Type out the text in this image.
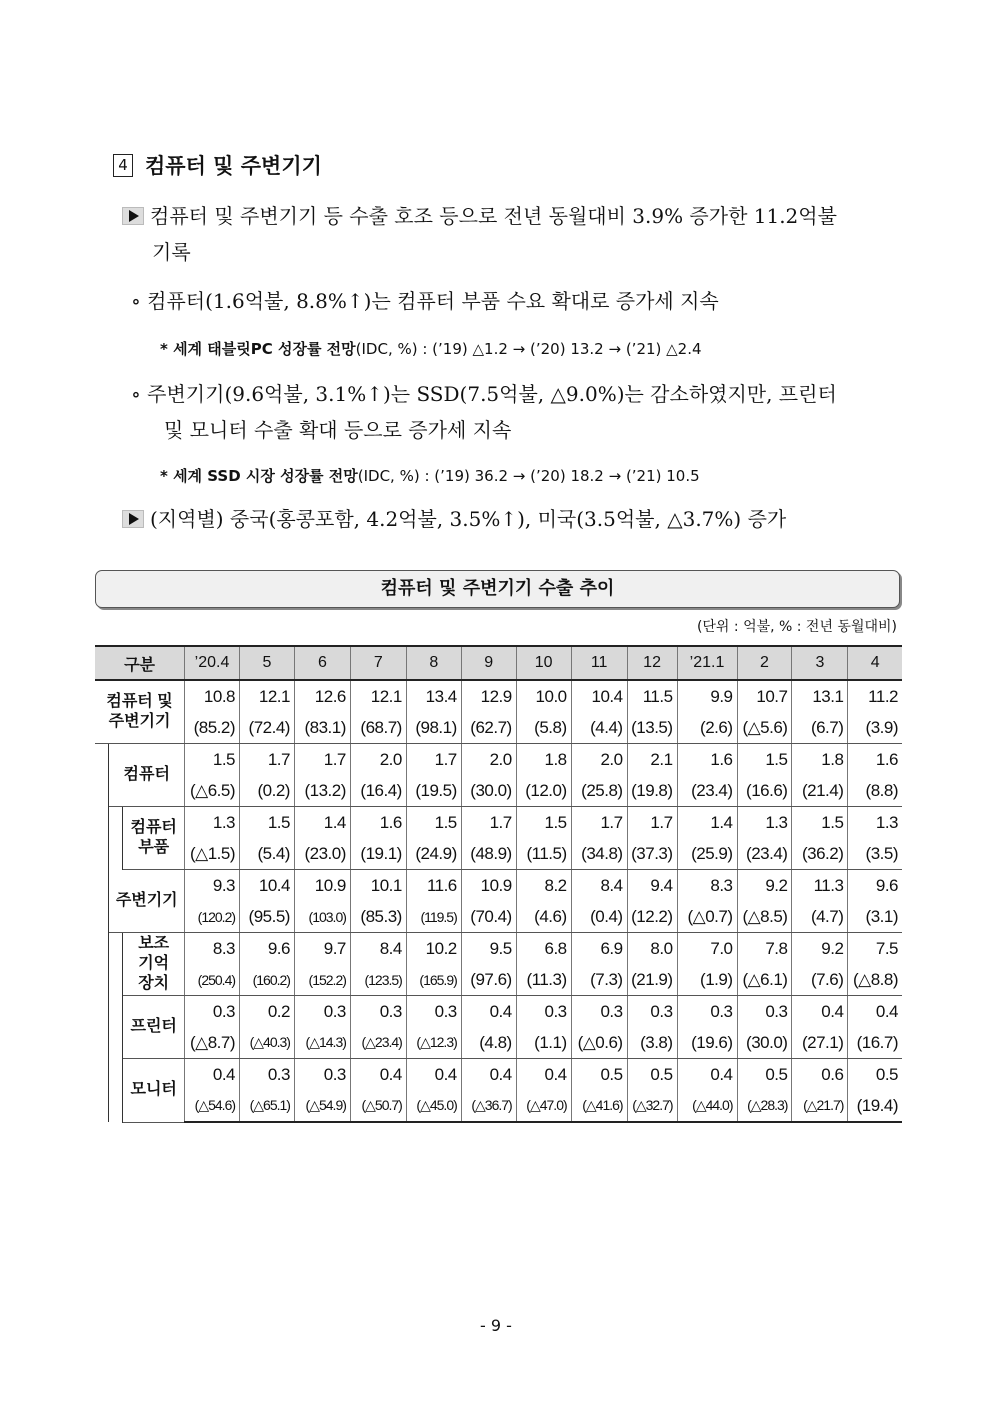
4 컴퓨터 및 주변기기
컴퓨터 및 주변기기 등 수출 호조 등으로 전년 동월대비 3.9% 증가한 11.2억불
기록
∘ 컴퓨터(1.6억불, 8.8%↑)는 컴퓨터 부품 수요 확대로 증가세 지속
* 세계 태블릿PC 성장률 전망(IDC, %) : (’19) △1.2 → (’20) 13.2 → (’21) △2.4
∘ 주변기기(9.6억불, 3.1%↑)는 SSD(7.5억불, △9.0%)는 감소하였지만, 프린터
및 모니터 수출 확대 등으로 증가세 지속
* 세계 SSD 시장 성장률 전망(IDC, %) : (’19) 36.2 → (’20) 18.2 → (’21) 10.5
(지역별) 중국(홍콩포함, 4.2억불, 3.5%↑), 미국(3.5억불, △3.7%) 증가
컴퓨터 및 주변기기 수출 추이
(단위 : 억불, % : 전년 동월대비)
구분			’20.4	5	6	7	8	9	10	11	12	’21.1	2	3	4
컴퓨터 및
주변기기			10.8	12.1	12.6	12.1	13.4	12.9	10.0	10.4	11.5	9.9	10.7	13.1	11.2
			(85.2)	(72.4)	(83.1)	(68.7)	(98.1)	(62.7)	(5.8)	(4.4)	(13.5)	(2.6)	(△5.6)	(6.7)	(3.9)
	컴퓨터		1.5	1.7	1.7	2.0	1.7	2.0	1.8	2.0	2.1	1.6	1.5	1.8	1.6
			(△6.5)	(0.2)	(13.2)	(16.4)	(19.5)	(30.0)	(12.0)	(25.8)	(19.8)	(23.4)	(16.6)	(21.4)	(8.8)
		컴퓨터
부품	1.3	1.5	1.4	1.6	1.5	1.7	1.5	1.7	1.7	1.4	1.3	1.5	1.3
			(△1.5)	(5.4)	(23.0)	(19.1)	(24.9)	(48.9)	(11.5)	(34.8)	(37.3)	(25.9)	(23.4)	(36.2)	(3.5)
	주변기기		9.3	10.4	10.9	10.1	11.6	10.9	8.2	8.4	9.4	8.3	9.2	11.3	9.6
			(120.2)	(95.5)	(103.0)	(85.3)	(119.5)	(70.4)	(4.6)	(0.4)	(12.2)	(△0.7)	(△8.5)	(4.7)	(3.1)
		보조
기억
장치	8.3	9.6	9.7	8.4	10.2	9.5	6.8	6.9	8.0	7.0	7.8	9.2	7.5
			(250.4)	(160.2)	(152.2)	(123.5)	(165.9)	(97.6)	(11.3)	(7.3)	(21.9)	(1.9)	(△6.1)	(7.6)	(△8.8)
		프린터	0.3	0.2	0.3	0.3	0.3	0.4	0.3	0.3	0.3	0.3	0.3	0.4	0.4
			(△8.7)	(△40.3)	(△14.3)	(△23.4)	(△12.3)	(4.8)	(1.1)	(△0.6)	(3.8)	(19.6)	(30.0)	(27.1)	(16.7)
		모니터	0.4	0.3	0.3	0.4	0.4	0.4	0.4	0.5	0.5	0.4	0.5	0.6	0.5
			(△54.6)	(△65.1)	(△54.9)	(△50.7)	(△45.0)	(△36.7)	(△47.0)	(△41.6)	(△32.7)	(△44.0)	(△28.3)	(△21.7)	(19.4)
- 9 -
